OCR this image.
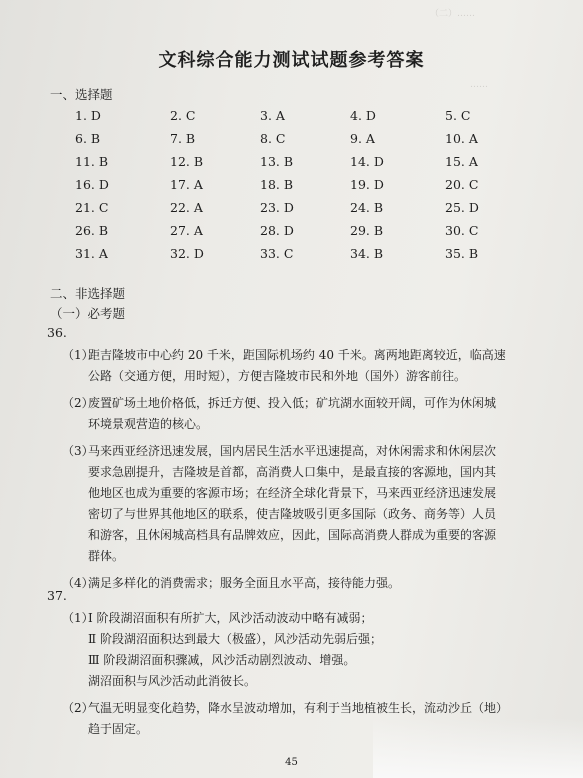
（二）……
……
文科综合能力测试试题参考答案
一、选择题
1. D	2. C	3. A	4. D	5. C
6. B	7. B	8. C	9. A	10. A
11. B	12. B	13. B	14. D	15. A
16. D	17. A	18. B	19. D	20. C
21. C	22. A	23. D	24. B	25. D
26. B	27. A	28. D	29. B	30. C
31. A	32. D	33. C	34. B	35. B
二、非选择题
（一）必考题
36.
（1）
距吉隆坡市中心约 20 千米，距国际机场约 40 千米。离两地距离较近，临高速
公路（交通方便，用时短），方便吉隆坡市民和外地（国外）游客前往。
（2）
废置矿场土地价格低，拆迁方便、投入低；矿坑湖水面较开阔，可作为休闲城
环境景观营造的核心。
（3）
马来西亚经济迅速发展，国内居民生活水平迅速提高，对休闲需求和休闲层次
要求急剧提升，吉隆坡是首都，高消费人口集中，是最直接的客源地，国内其
他地区也成为重要的客源市场；在经济全球化背景下，马来西亚经济迅速发展
密切了与世界其他地区的联系，使吉隆坡吸引更多国际（政务、商务等）人员
和游客，且休闲城高档具有品牌效应，因此，国际高消费人群成为重要的客源
群体。
（4）
满足多样化的消费需求；服务全面且水平高，接待能力强。
37.
（1）
Ⅰ 阶段湖沼面积有所扩大，风沙活动波动中略有减弱；
Ⅱ 阶段湖沼面积达到最大（极盛），风沙活动先弱后强；
Ⅲ 阶段湖沼面积骤减，风沙活动剧烈波动、增强。
湖沼面积与风沙活动此消彼长。
（2）
气温无明显变化趋势，降水呈波动增加，有利于当地植被生长，流动沙丘（地）
趋于固定。
45
